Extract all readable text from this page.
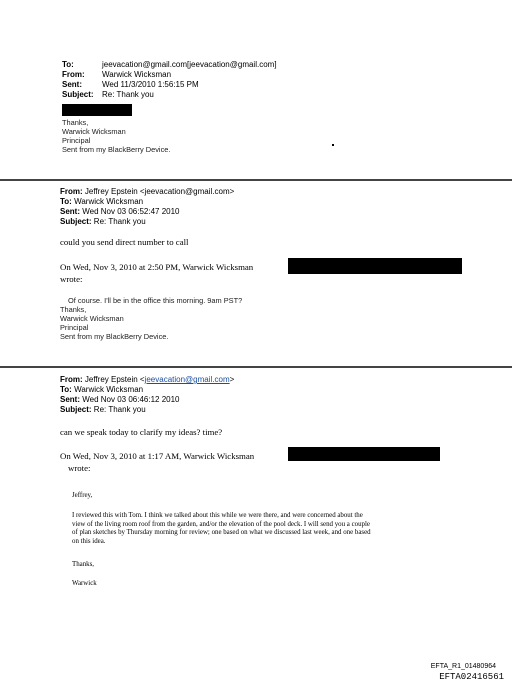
To:	jeevacation@gmail.com[jeevacation@gmail.com]
From: Warwick Wicksman
Sent:	Wed 11/3/2010 1:56:15 PM
Subject: Re: Thank you
Thanks,
Warwick Wicksman
Principal
Sent from my BlackBerry Device.
From: Jeffrey Epstein <jeevacation@gmail.com>
To: Warwick Wicksman
Sent: Wed Nov 03 06:52:47 2010
Subject: Re: Thank you
could you send direct number to call
On Wed, Nov 3, 2010 at 2:50 PM, Warwick Wicksman
wrote:
Of course. I'll be in the office this morning. 9am PST?
Thanks,
Warwick Wicksman
Principal
Sent from my BlackBerry Device.
From: Jeffrey Epstein <jeevacation@gmail.com>
To: Warwick Wicksman
Sent: Wed Nov 03 06:46:12 2010
Subject: Re: Thank you
can we speak today to clarify my ideas? time?
On Wed, Nov 3, 2010 at 1:17 AM, Warwick Wicksman
wrote:
Jeffrey,
I reviewed this with Tom. I think we talked about this while we were there, and were concerned about the
view of the living room roof from the garden, and/or the elevation of the pool deck. I will send you a couple
of plan sketches by Thursday morning for review; one based on what we discussed last week, and one based
on this idea.
Thanks,
Warwick
EFTA_R1_01480964
EFTA02416561
